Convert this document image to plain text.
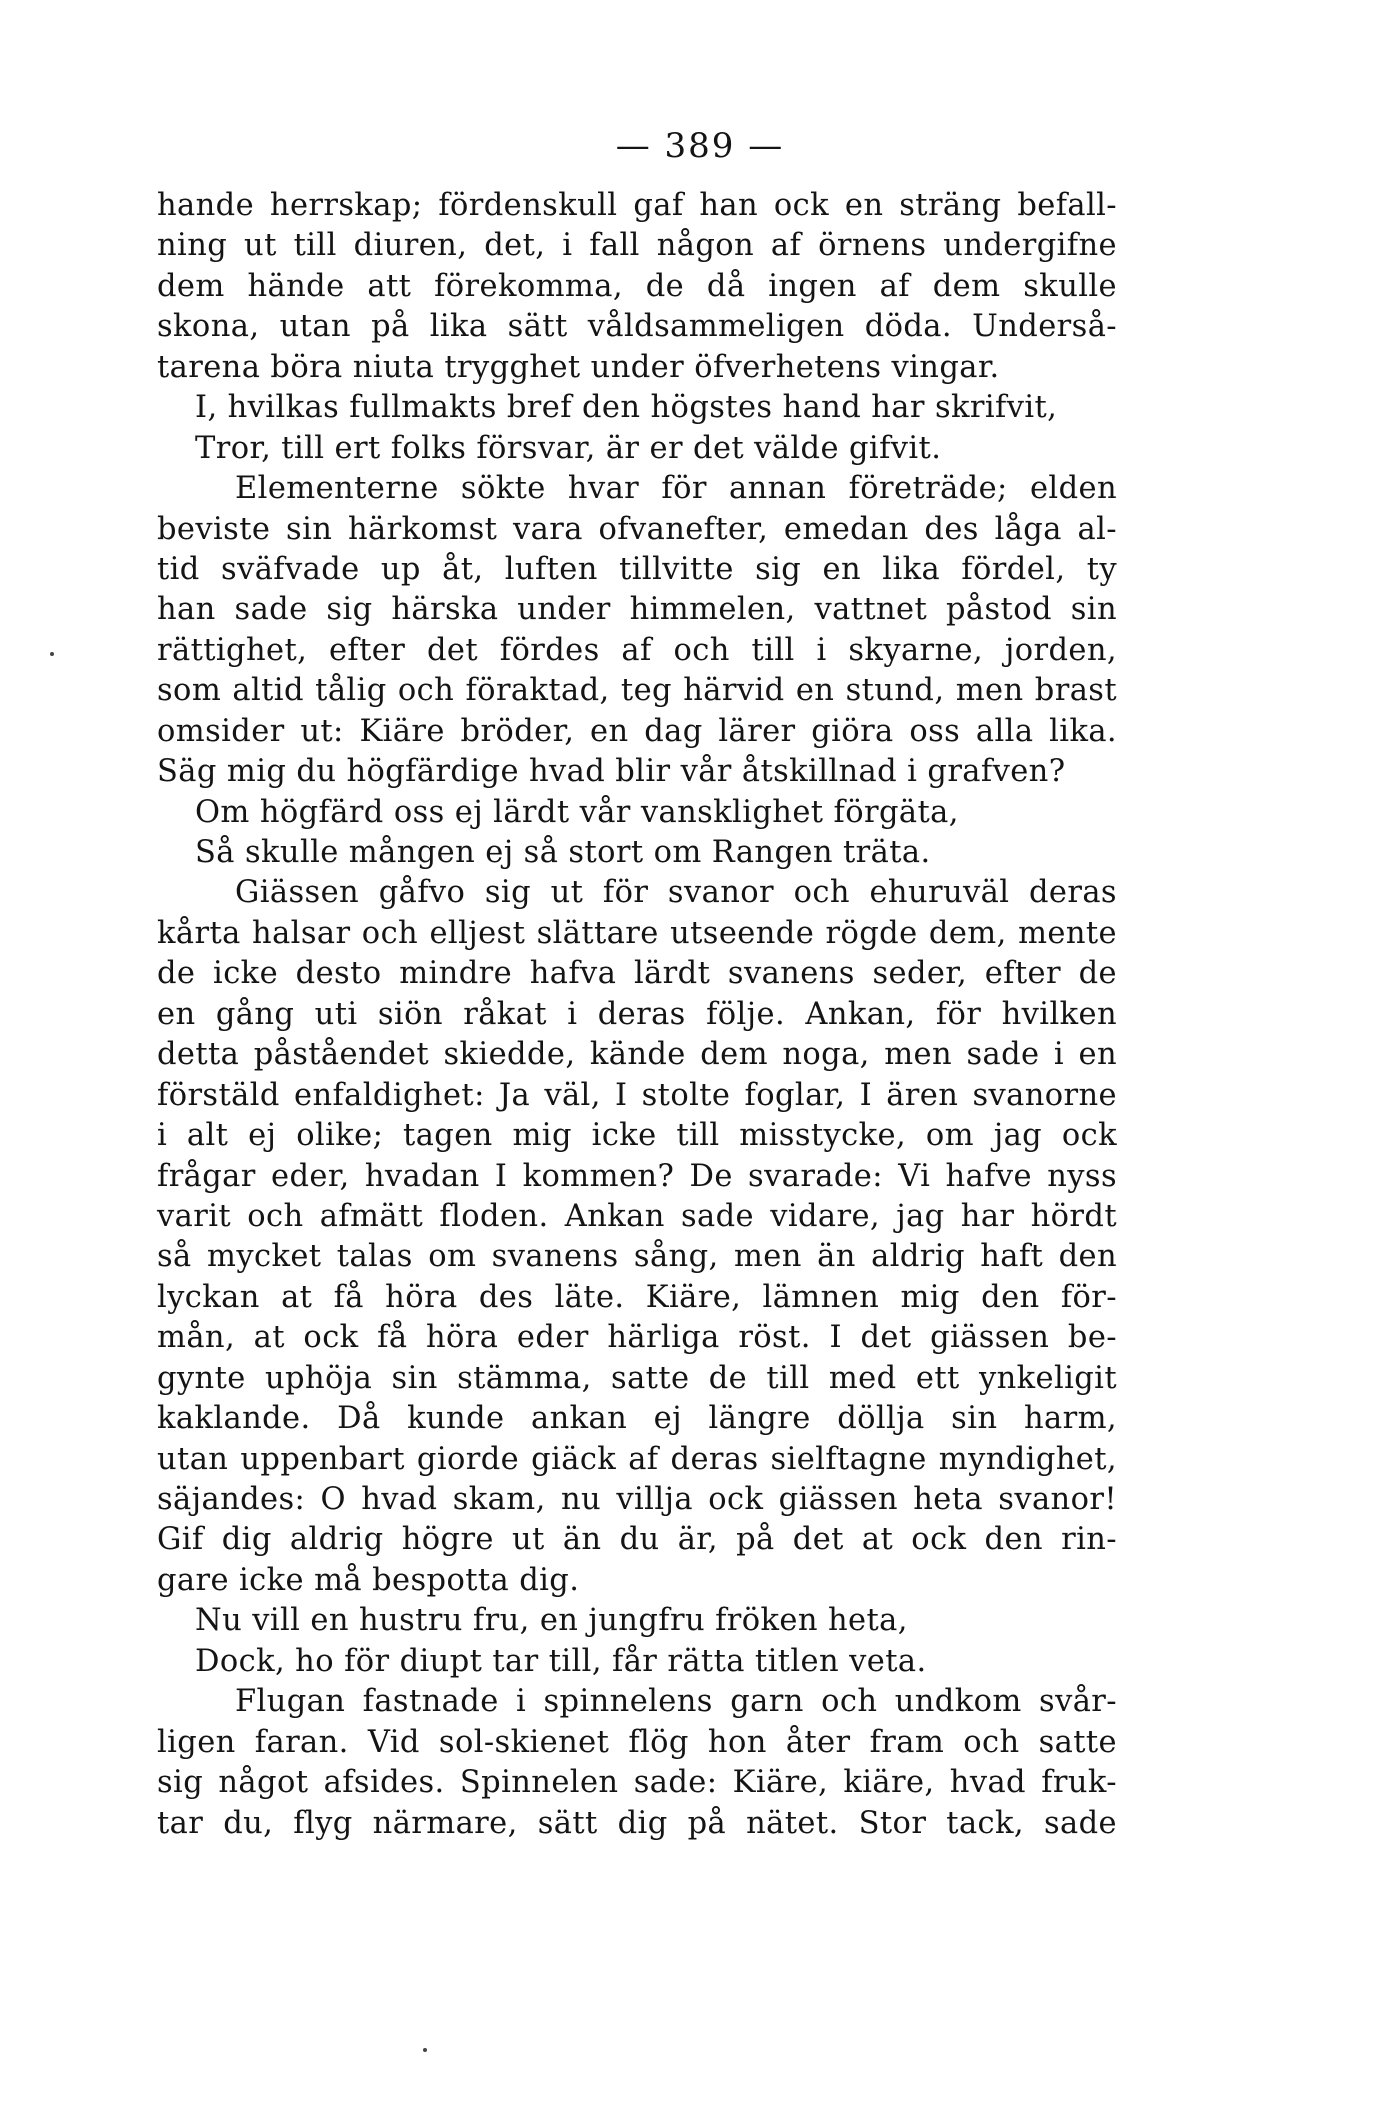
— 389 —
hande herrskap; fördenskull gaf han ock en sträng befall-
ning ut till diuren, det, i fall någon af örnens undergifne
dem hände att förekomma, de då ingen af dem skulle
skona, utan på lika sätt våldsammeligen döda. Underså-
tarena böra niuta trygghet under öfverhetens vingar.
I, hvilkas fullmakts bref den högstes hand har skrifvit,
Tror, till ert folks försvar, är er det välde gifvit.
Elementerne sökte hvar för annan företräde; elden
beviste sin härkomst vara ofvanefter, emedan des låga al-
tid sväfvade up åt, luften tillvitte sig en lika fördel, ty
han sade sig härska under himmelen, vattnet påstod sin
rättighet, efter det fördes af och till i skyarne, jorden,
som altid tålig och föraktad, teg härvid en stund, men brast
omsider ut: Kiäre bröder, en dag lärer giöra oss alla lika.
Säg mig du högfärdige hvad blir vår åtskillnad i grafven?
Om högfärd oss ej lärdt vår vansklighet förgäta,
Så skulle mången ej så stort om Rangen träta.
Giässen gåfvo sig ut för svanor och ehuruväl deras
kårta halsar och elljest slättare utseende rögde dem, mente
de icke desto mindre hafva lärdt svanens seder, efter de
en gång uti siön råkat i deras följe. Ankan, för hvilken
detta påståendet skiedde, kände dem noga, men sade i en
förstäld enfaldighet: Ja väl, I stolte foglar, I ären svanorne
i alt ej olike; tagen mig icke till misstycke, om jag ock
frågar eder, hvadan I kommen? De svarade: Vi hafve nyss
varit och afmätt floden. Ankan sade vidare, jag har hördt
så mycket talas om svanens sång, men än aldrig haft den
lyckan at få höra des läte. Kiäre, lämnen mig den för-
mån, at ock få höra eder härliga röst. I det giässen be-
gynte uphöja sin stämma, satte de till med ett ynkeligit
kaklande. Då kunde ankan ej längre döllja sin harm,
utan uppenbart giorde giäck af deras sielftagne myndighet,
säjandes: O hvad skam, nu villja ock giässen heta svanor!
Gif dig aldrig högre ut än du är, på det at ock den rin-
gare icke må bespotta dig.
Nu vill en hustru fru, en jungfru fröken heta,
Dock, ho för diupt tar till, får rätta titlen veta.
Flugan fastnade i spinnelens garn och undkom svår-
ligen faran. Vid sol-skienet flög hon åter fram och satte
sig något afsides. Spinnelen sade: Kiäre, kiäre, hvad fruk-
tar du, flyg närmare, sätt dig på nätet. Stor tack, sade
